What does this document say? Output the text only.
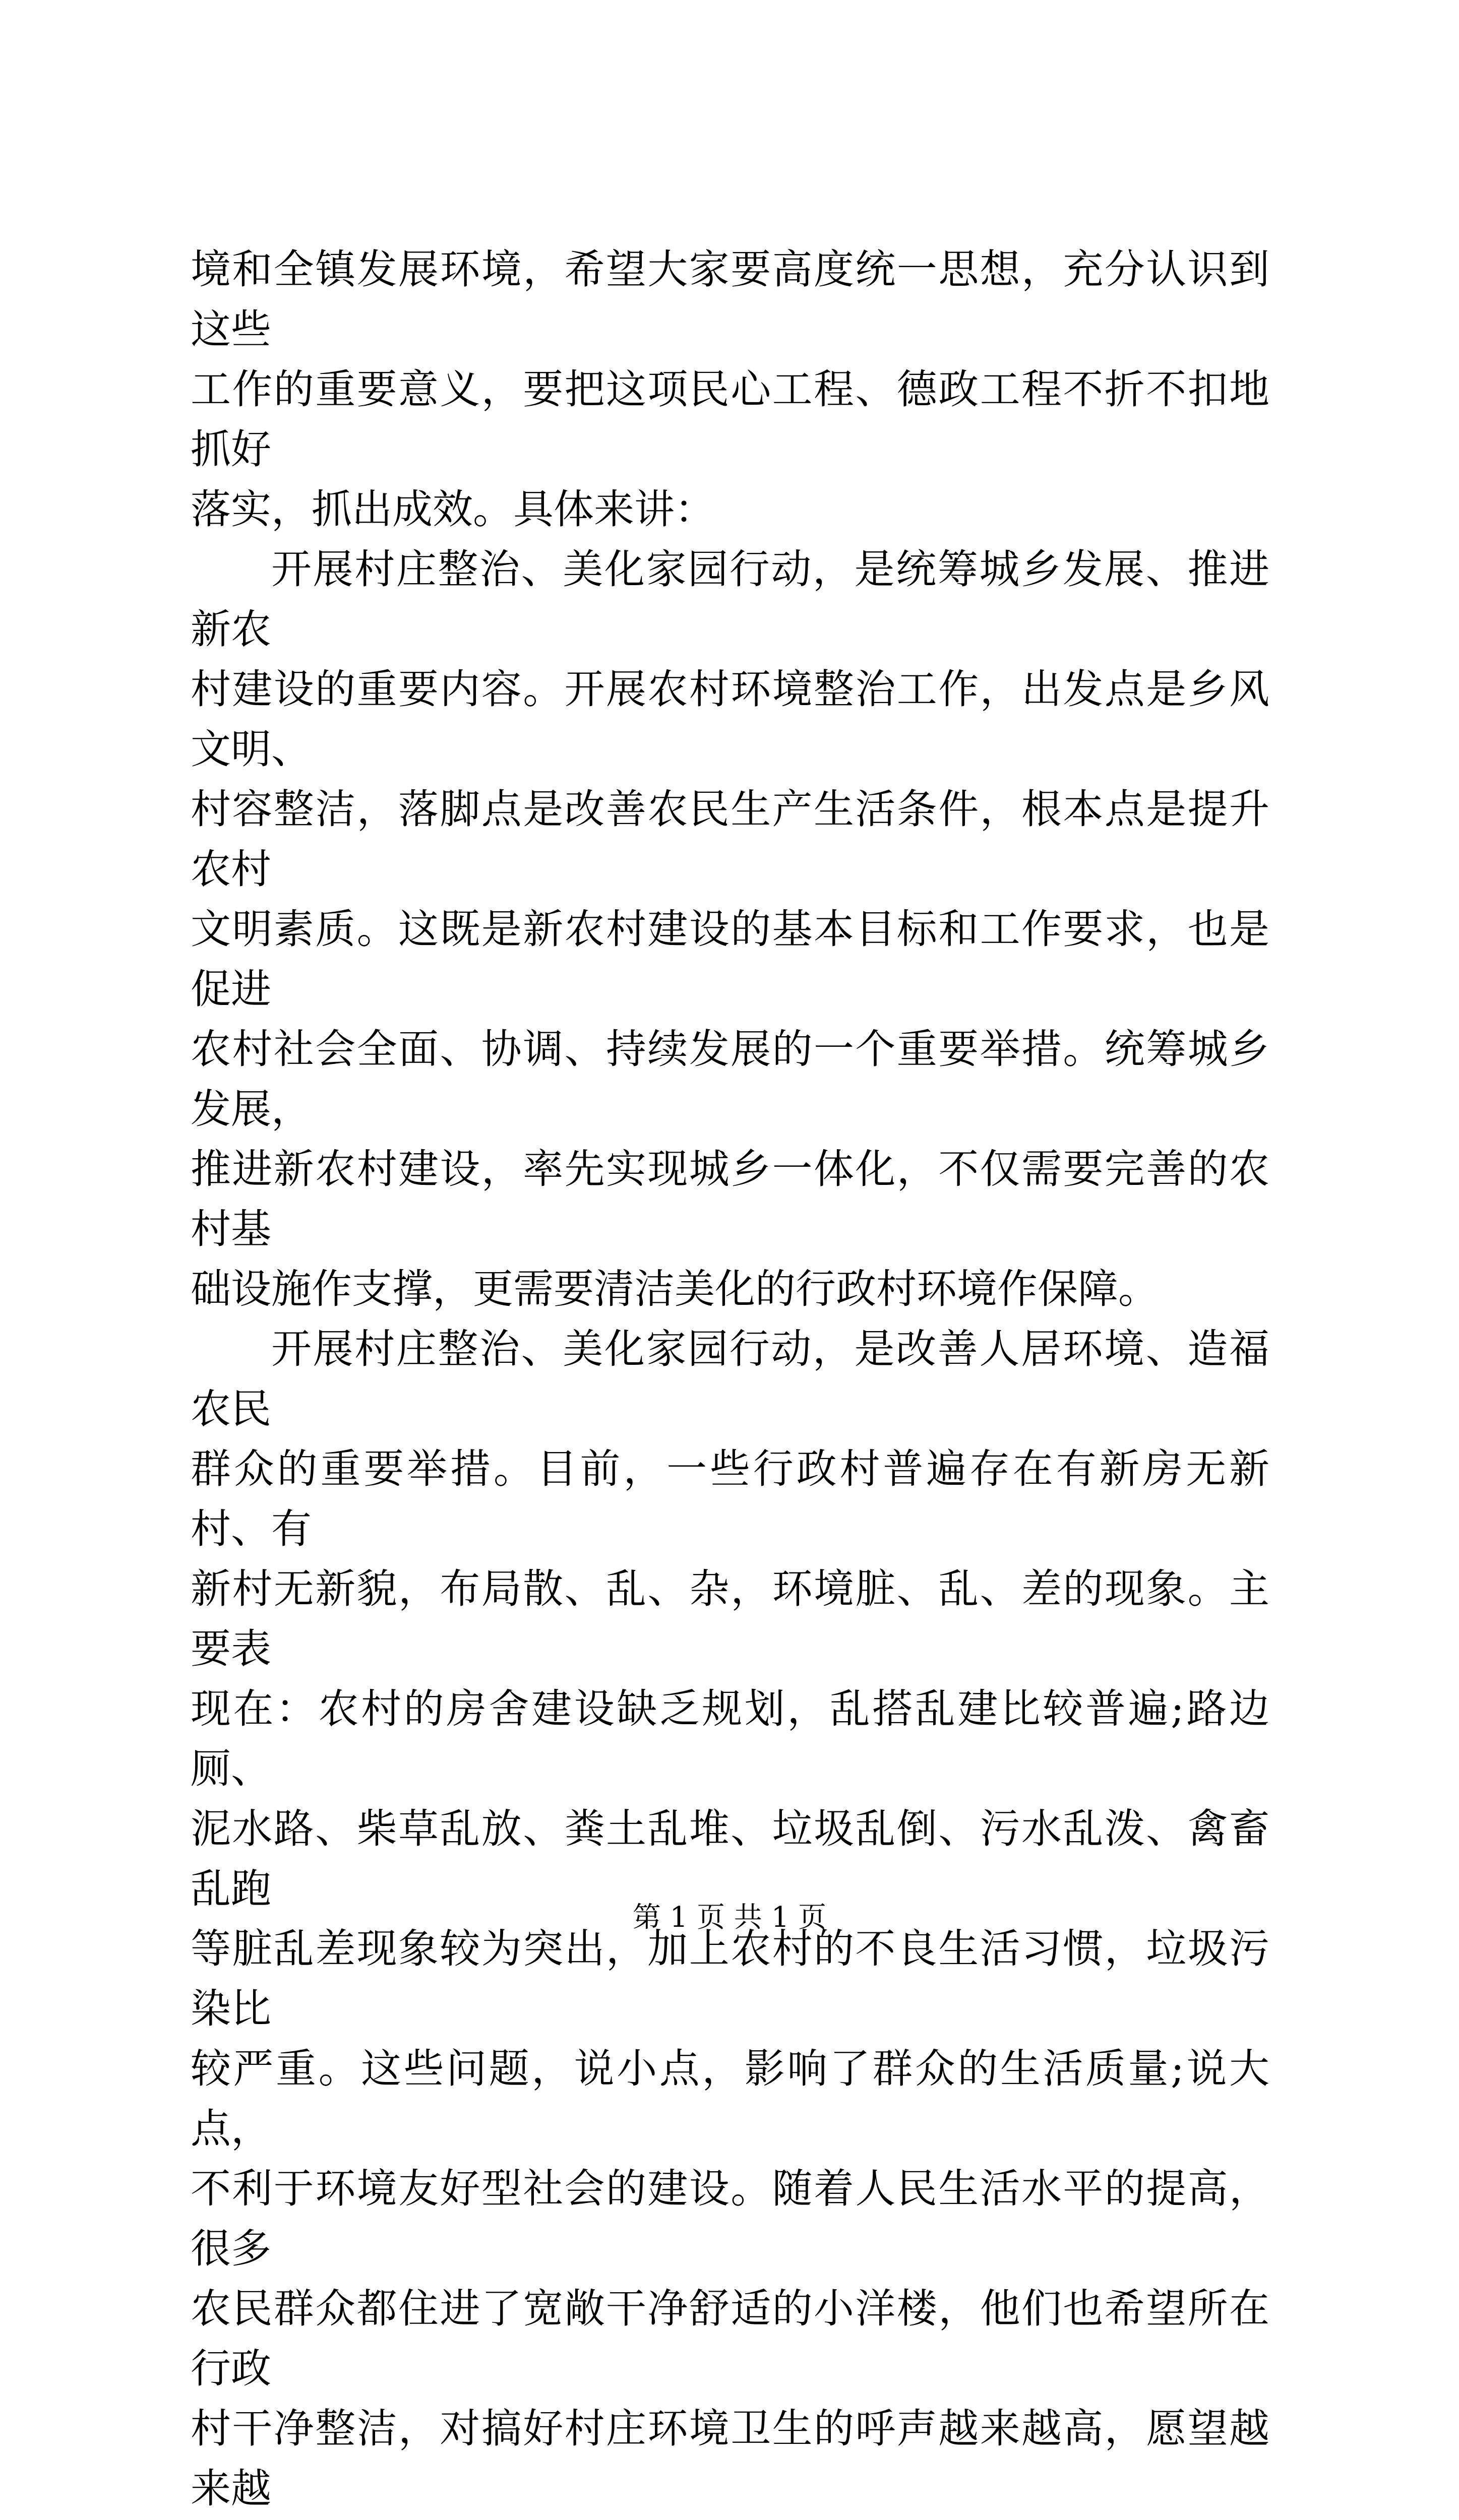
境和全镇发展环境，希望大家要高度统一思想，充分认识到这些
工作的重要意义，要把这项民心工程、德政工程不折不扣地抓好
落实，抓出成效。具体来讲：

开展村庄整治、美化家园行动，是统筹城乡发展、推进新农
村建设的重要内容。开展农村环境整治工作，出发点是乡风文明、
村容整洁，落脚点是改善农民生产生活条件，根本点是提升农村
文明素质。这既是新农村建设的基本目标和工作要求，也是促进
农村社会全面、协调、持续发展的一个重要举措。统筹城乡发展，
推进新农村建设，率先实现城乡一体化，不仅需要完善的农村基
础设施作支撑，更需要清洁美化的行政村环境作保障。

开展村庄整治、美化家园行动，是改善人居环境、造福农民
群众的重要举措。目前，一些行政村普遍存在有新房无新村、有
新村无新貌，布局散、乱、杂，环境脏、乱、差的现象。主要表
现在：农村的房舍建设缺乏规划，乱搭乱建比较普遍;路边厕、
泥水路、柴草乱放、粪土乱堆、垃圾乱倒、污水乱泼、禽畜乱跑
等脏乱差现象较为突出，加上农村的不良生活习惯，垃圾污染比
较严重。这些问题，说小点，影响了群众的生活质量;说大点，
不利于环境友好型社会的建设。随着人民生活水平的提高，很多
农民群众都住进了宽敞干净舒适的小洋楼，他们也希望所在行政
村干净整洁，对搞好村庄环境卫生的呼声越来越高，愿望越来越

第 1 页 共 1 页
